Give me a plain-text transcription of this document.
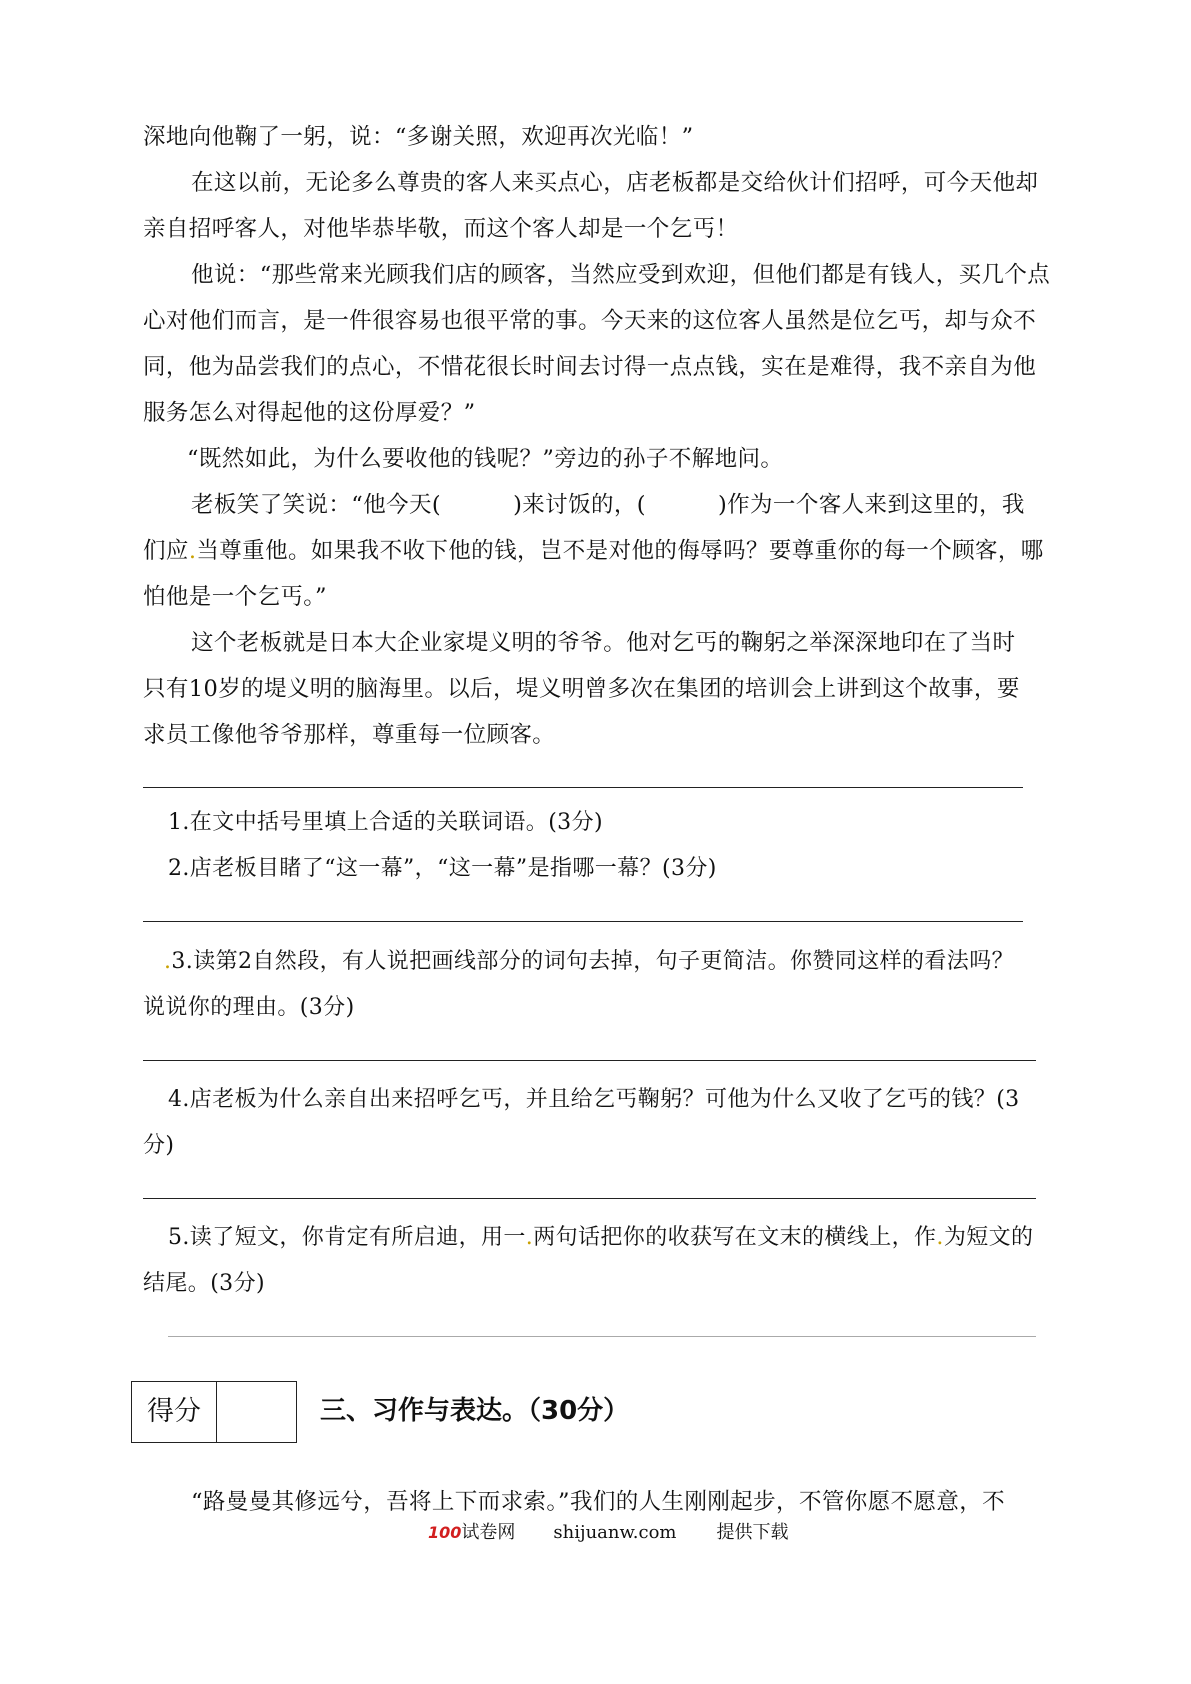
深地向他鞠了一躬，说：“多谢关照，欢迎再次光临！”
在这以前，无论多么尊贵的客人来买点心，店老板都是交给伙计们招呼，可今天他却
亲自招呼客人，对他毕恭毕敬，而这个客人却是一个乞丐！
他说：“那些常来光顾我们店的顾客，当然应受到欢迎，但他们都是有钱人，买几个点
心对他们而言，是一件很容易也很平常的事。今天来的这位客人虽然是位乞丐，却与众不
同，他为品尝我们的点心，不惜花很长时间去讨得一点点钱，实在是难得，我不亲自为他
服务怎么对得起他的这份厚爱？”
“既然如此，为什么要收他的钱呢？”旁边的孙子不解地问。
老板笑了笑说：“他今天(	)来讨饭的，(	)作为一个客人来到这里的，我
们应.当尊重他。如果我不收下他的钱，岂不是对他的侮辱吗？要尊重你的每一个顾客，哪
怕他是一个乞丐。”
这个老板就是日本大企业家堤义明的爷爷。他对乞丐的鞠躬之举深深地印在了当时
只有10岁的堤义明的脑海里。以后，堤义明曾多次在集团的培训会上讲到这个故事，要
求员工像他爷爷那样，尊重每一位顾客。
1.在文中括号里填上合适的关联词语。(3分)
2.店老板目睹了“这一幕”，“这一幕”是指哪一幕？(3分)
.3.读第2自然段，有人说把画线部分的词句去掉，句子更简洁。你赞同这样的看法吗？
说说你的理由。(3分)
4.店老板为什么亲自出来招呼乞丐，并且给乞丐鞠躬？可他为什么又收了乞丐的钱？(3
分)
5.读了短文，你肯定有所启迪，用一.两句话把你的收获写在文末的横线上，作.为短文的
结尾。(3分)
得分	三、习作与表达。（30分）
“路曼曼其修远兮，吾将上下而求索。”我们的人生刚刚起步，不管你愿不愿意，不
100 试卷网 shijuanw.com 提供下载
